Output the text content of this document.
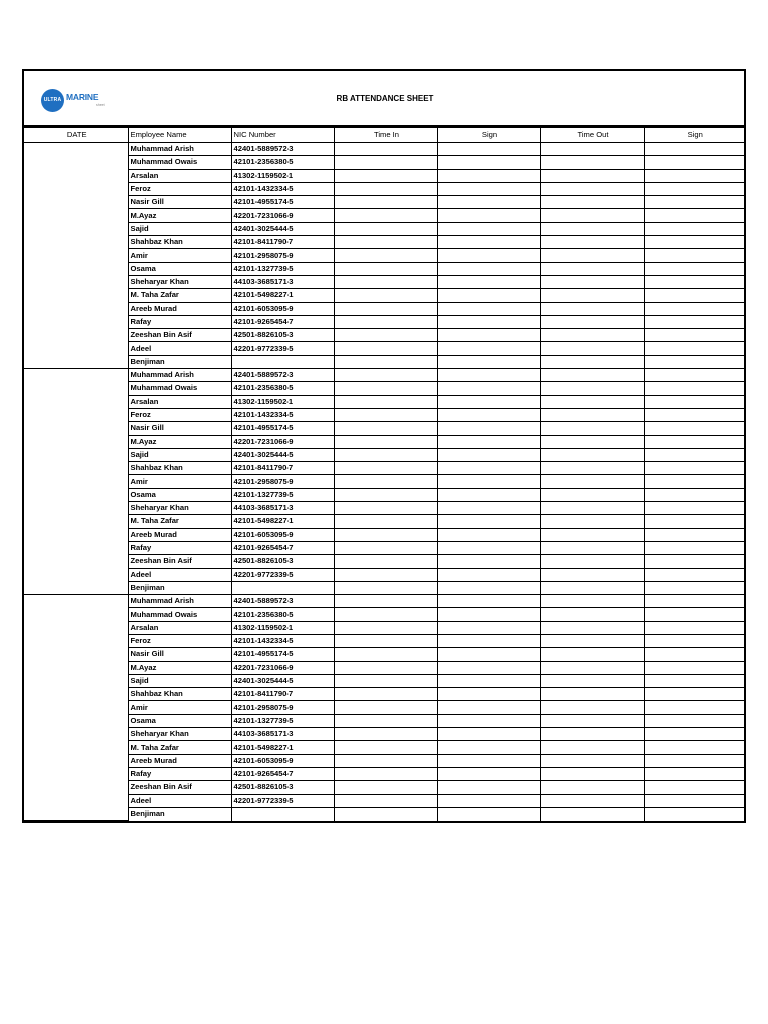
ULTRA MARINE
sheet
RB ATTENDANCE SHEET
DATE	Employee Name	NIC Number	Time In	Sign	Time Out	Sign
	Muhammad Arish	42401-5889572-3				
	Muhammad Owais	42101-2356380-5				
	Arsalan	41302-1159502-1				
	Feroz	42101-1432334-5				
	Nasir Gill	42101-4955174-5				
	M.Ayaz	42201-7231066-9				
	Sajid	42401-3025444-5				
	Shahbaz Khan	42101-8411790-7				
	Amir	42101-2958075-9				
	Osama	42101-1327739-5				
	Sheharyar Khan	44103-3685171-3				
	M. Taha Zafar	42101-5498227-1				
	Areeb Murad	42101-6053095-9				
	Rafay	42101-9265454-7				
	Zeeshan Bin Asif	42501-8826105-3				
	Adeel	42201-9772339-5				
	Benjiman					
	Muhammad Arish	42401-5889572-3				
	Muhammad Owais	42101-2356380-5				
	Arsalan	41302-1159502-1				
	Feroz	42101-1432334-5				
	Nasir Gill	42101-4955174-5				
	M.Ayaz	42201-7231066-9				
	Sajid	42401-3025444-5				
	Shahbaz Khan	42101-8411790-7				
	Amir	42101-2958075-9				
	Osama	42101-1327739-5				
	Sheharyar Khan	44103-3685171-3				
	M. Taha Zafar	42101-5498227-1				
	Areeb Murad	42101-6053095-9				
	Rafay	42101-9265454-7				
	Zeeshan Bin Asif	42501-8826105-3				
	Adeel	42201-9772339-5				
	Benjiman					
	Muhammad Arish	42401-5889572-3				
	Muhammad Owais	42101-2356380-5				
	Arsalan	41302-1159502-1				
	Feroz	42101-1432334-5				
	Nasir Gill	42101-4955174-5				
	M.Ayaz	42201-7231066-9				
	Sajid	42401-3025444-5				
	Shahbaz Khan	42101-8411790-7				
	Amir	42101-2958075-9				
	Osama	42101-1327739-5				
	Sheharyar Khan	44103-3685171-3				
	M. Taha Zafar	42101-5498227-1				
	Areeb Murad	42101-6053095-9				
	Rafay	42101-9265454-7				
	Zeeshan Bin Asif	42501-8826105-3				
	Adeel	42201-9772339-5				
	Benjiman					
